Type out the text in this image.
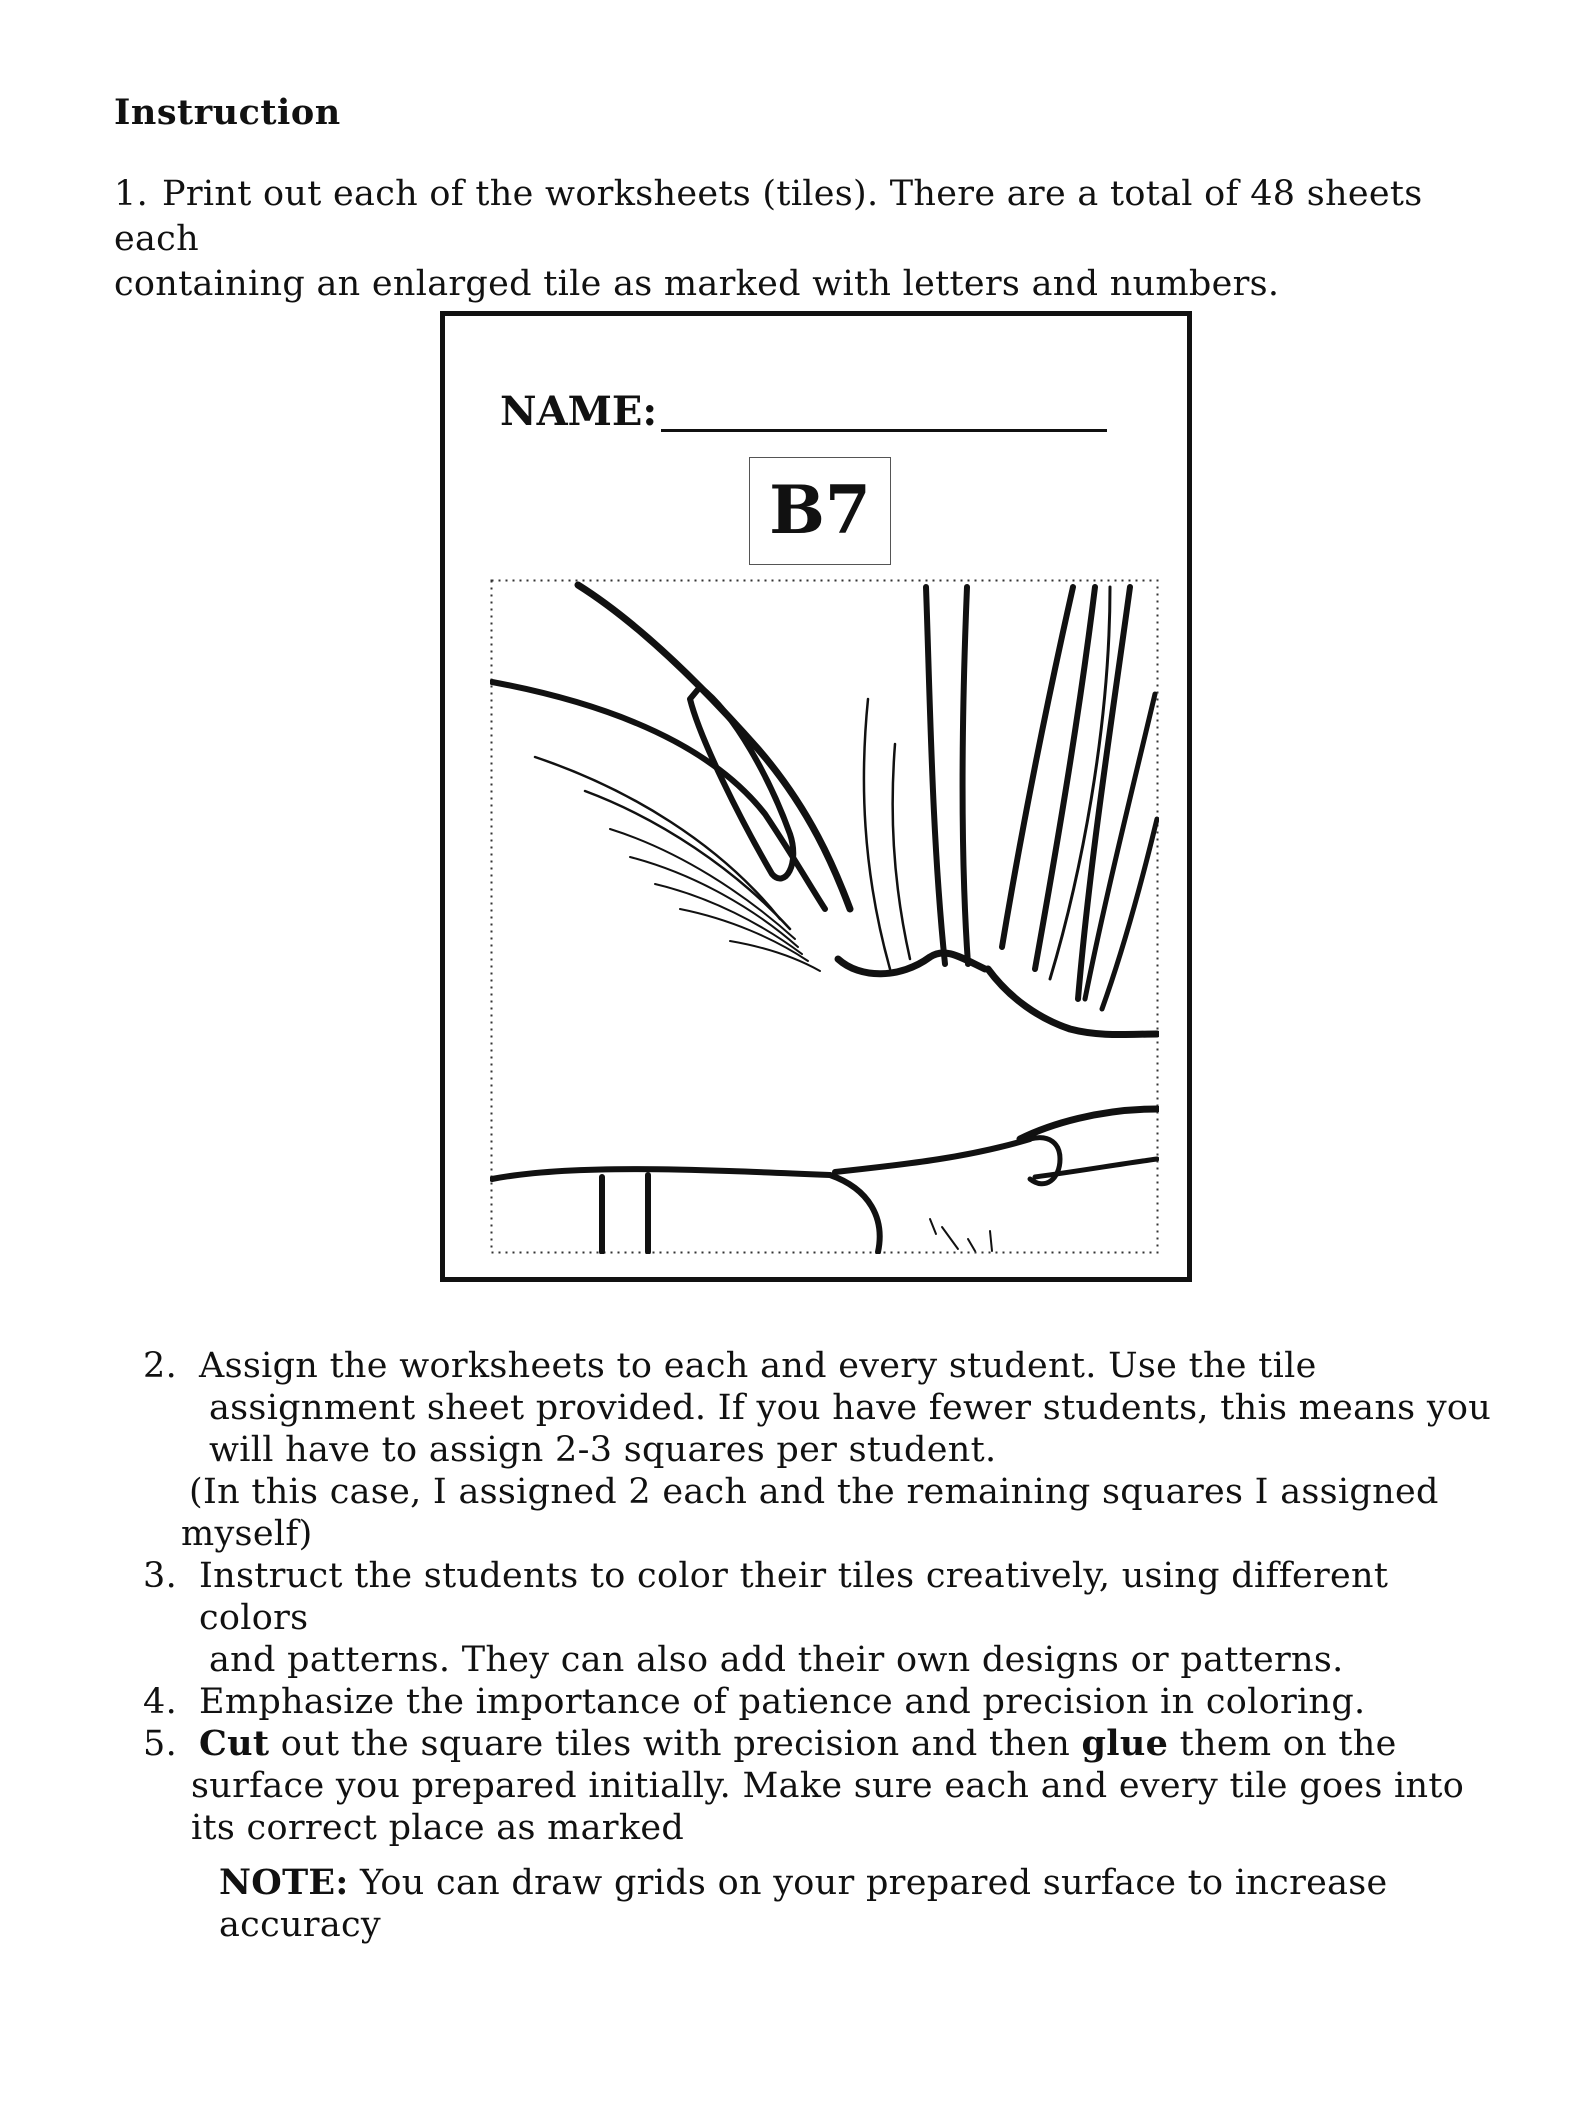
Instruction
1. Print out each of the worksheets (tiles). There are a total of 48 sheets each
containing an enlarged tile as marked with letters and numbers.
NAME:
B7
2. Assign the worksheets to each and every student. Use the tile
assignment sheet provided. If you have fewer students, this means you
will have to assign 2-3 squares per student.
(In this case, I assigned 2 each and the remaining squares I assigned
myself)
3. Instruct the students to color their tiles creatively, using different colors
and patterns. They can also add their own designs or patterns.
4. Emphasize the importance of patience and precision in coloring.
5. Cut out the square tiles with precision and then glue them on the
surface you prepared initially. Make sure each and every tile goes into
its correct place as marked
NOTE: You can draw grids on your prepared surface to increase
accuracy
